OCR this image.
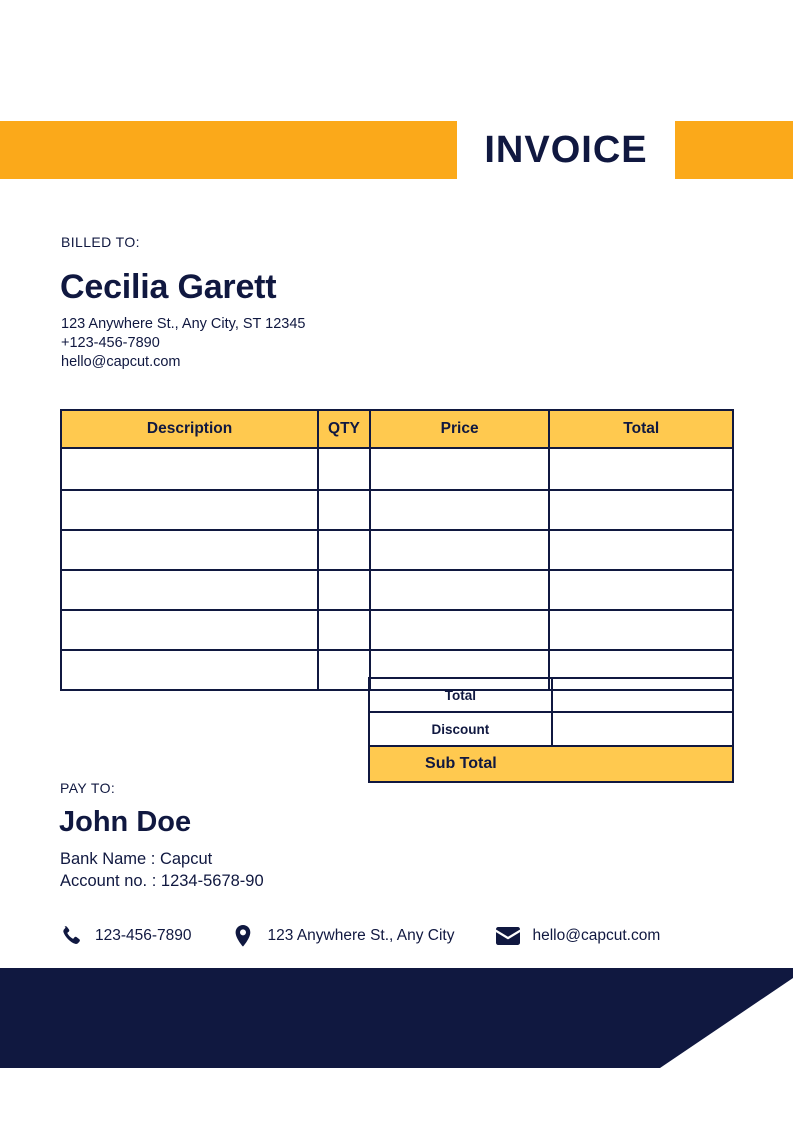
INVOICE
BILLED TO:
Cecilia Garett
123 Anywhere St., Any City, ST 12345
+123-456-7890
hello@capcut.com
Description	QTY	Price	Total

Total	
Discount	
Sub Total	
PAY TO:
John Doe
Bank Name : Capcut
Account no. : 1234-5678-90
123-456-7890	123 Anywhere St., Any City	hello@capcut.com
